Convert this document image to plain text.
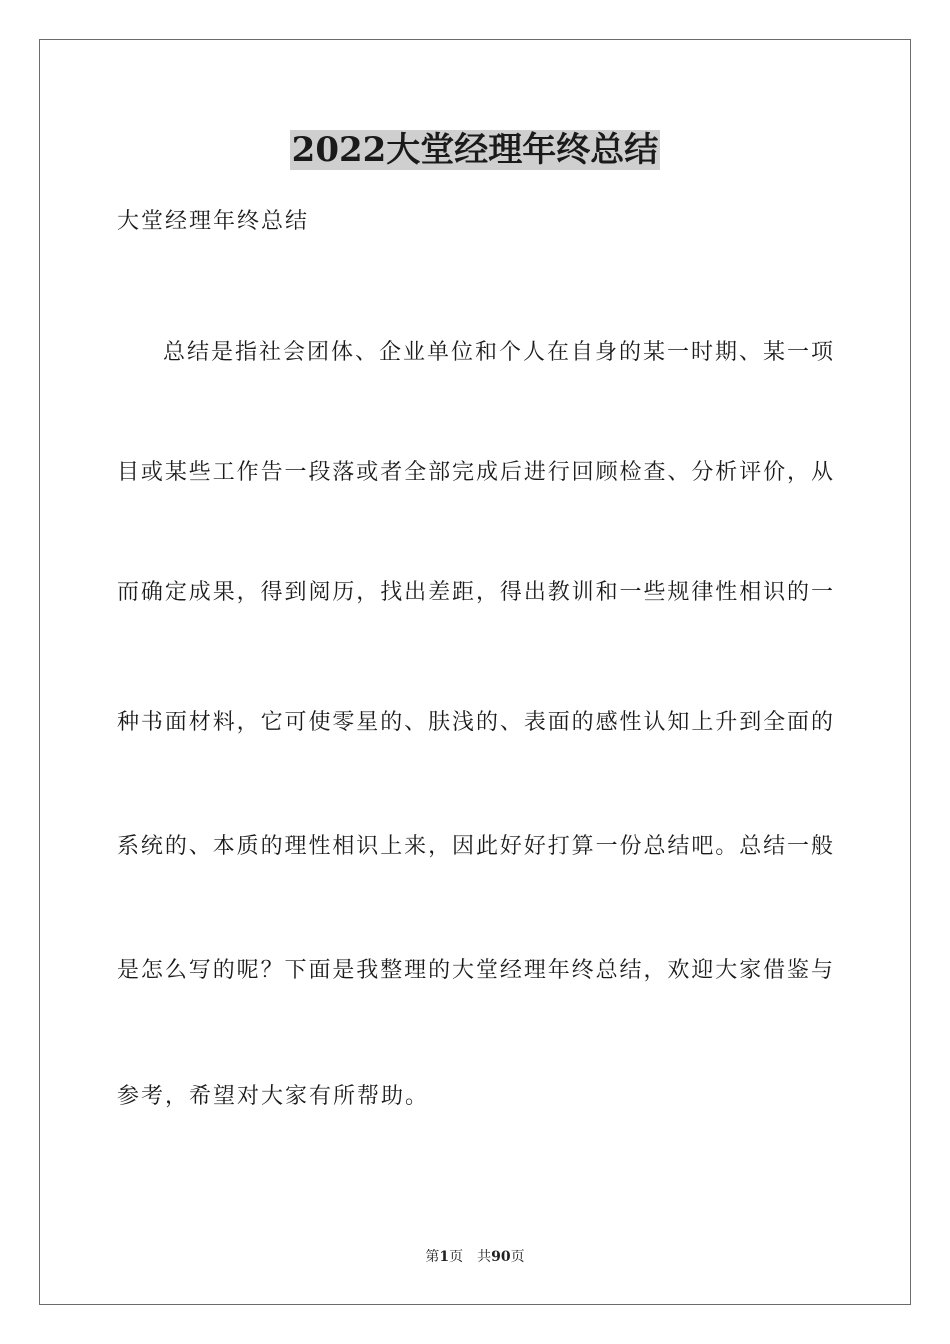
2022大堂经理年终总结
大堂经理年终总结
总结是指社会团体、企业单位和个人在自身的某一时期、某一项
目或某些工作告一段落或者全部完成后进行回顾检查、分析评价，从
而确定成果，得到阅历，找出差距，得出教训和一些规律性相识的一
种书面材料，它可使零星的、肤浅的、表面的感性认知上升到全面的
系统的、本质的理性相识上来，因此好好打算一份总结吧。总结一般
是怎么写的呢？下面是我整理的大堂经理年终总结，欢迎大家借鉴与
参考，希望对大家有所帮助。
第1页　共90页
